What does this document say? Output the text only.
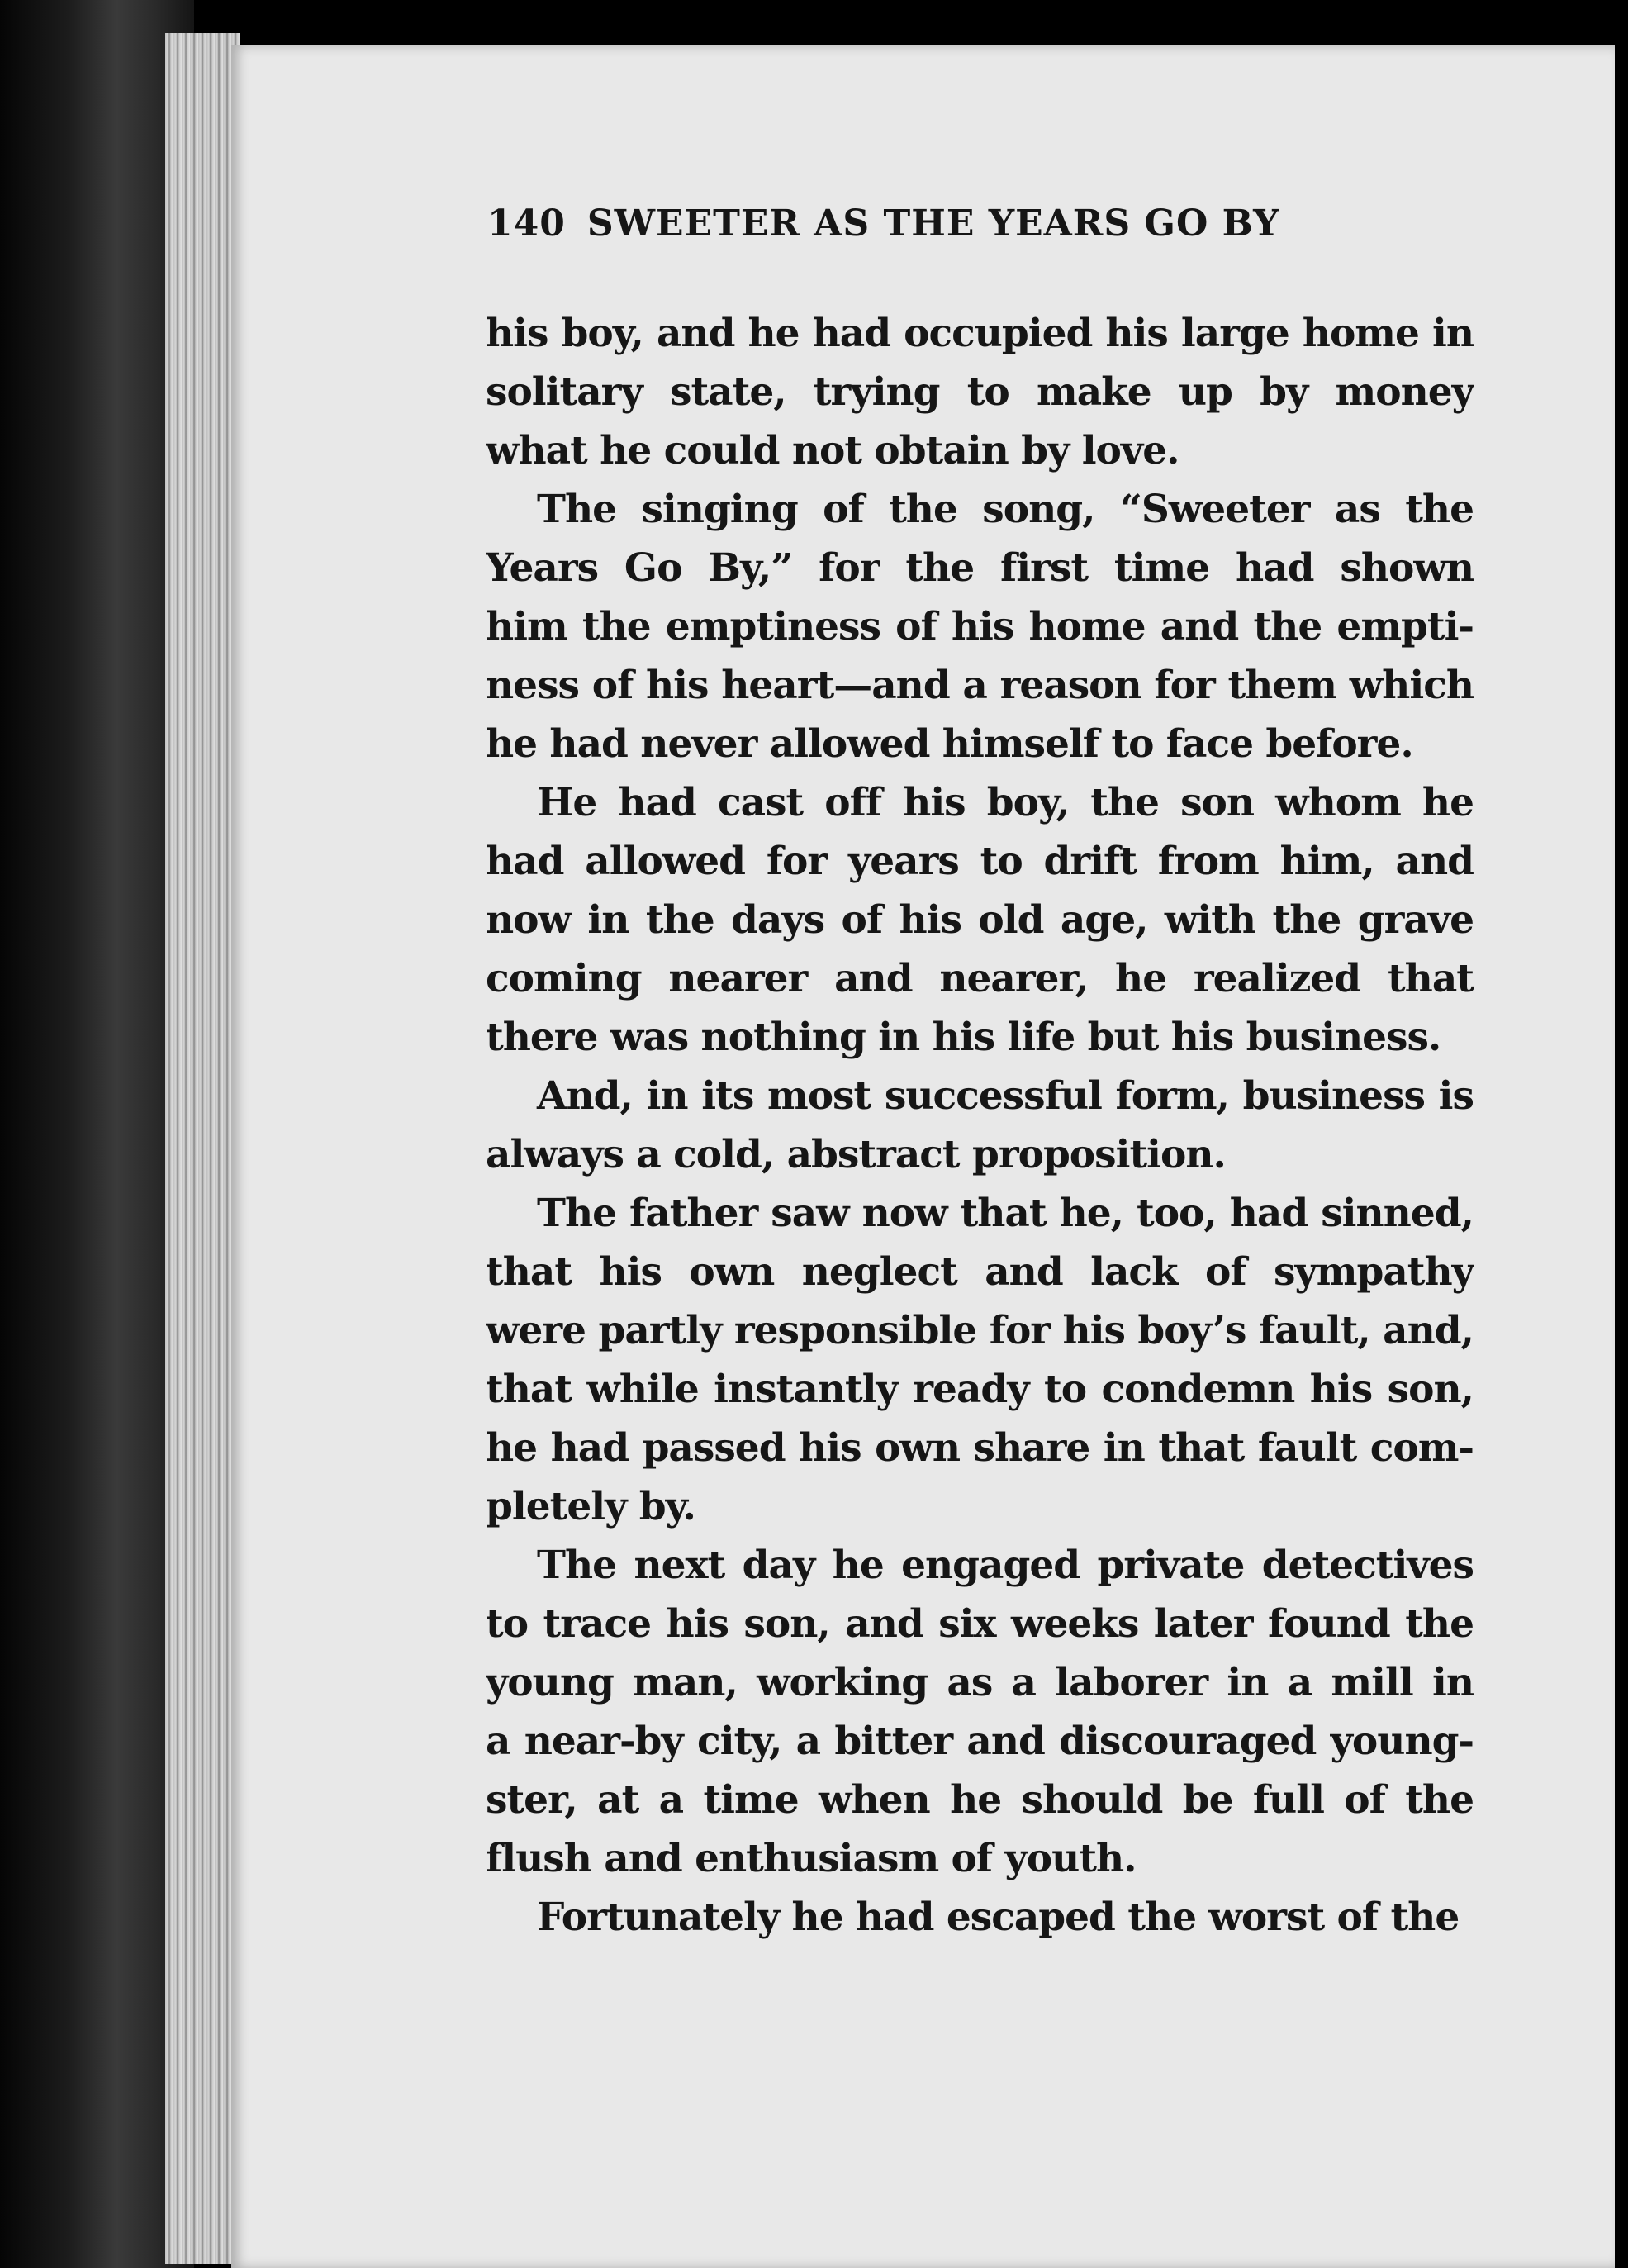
140 SWEETER AS THE YEARS GO BY
his boy, and he had occupied his large home in
solitary state, trying to make up by money
what he could not obtain by love.
The singing of the song, “Sweeter as the
Years Go By,” for the first time had shown
him the emptiness of his home and the empti-
ness of his heart—and a reason for them which
he had never allowed himself to face before.
He had cast off his boy, the son whom he
had allowed for years to drift from him, and
now in the days of his old age, with the grave
coming nearer and nearer, he realized that
there was nothing in his life but his business.
And, in its most successful form, business is
always a cold, abstract proposition.
The father saw now that he, too, had sinned,
that his own neglect and lack of sympathy
were partly responsible for his boy’s fault, and,
that while instantly ready to condemn his son,
he had passed his own share in that fault com-
pletely by.
The next day he engaged private detectives
to trace his son, and six weeks later found the
young man, working as a laborer in a mill in
a near-by city, a bitter and discouraged young-
ster, at a time when he should be full of the
flush and enthusiasm of youth.
Fortunately he had escaped the worst of the
